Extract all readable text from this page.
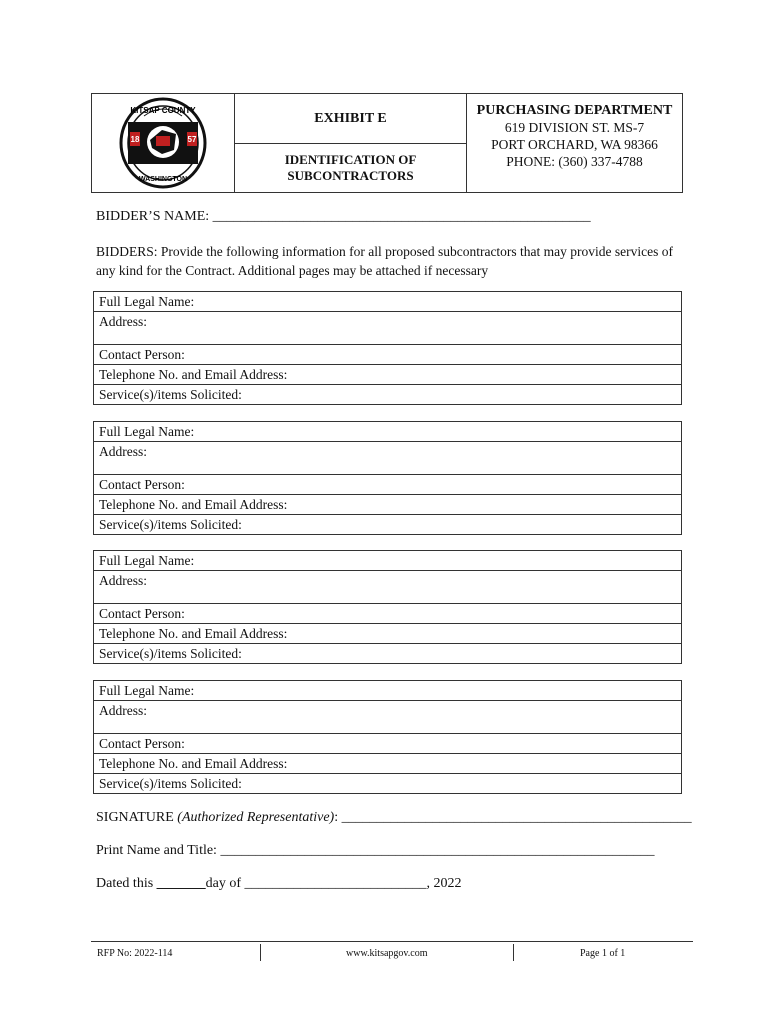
18	57
KITSAP COUNTY
WASHINGTON
EXHIBIT E
IDENTIFICATION OF
SUBCONTRACTORS
PURCHASING DEPARTMENT
619 DIVISION ST. MS-7
PORT ORCHARD, WA 98366
PHONE: (360) 337-4788
BIDDER’S NAME: ______________________________________________________
BIDDERS: Provide the following information for all proposed subcontractors that may provide services of any kind for the Contract. Additional pages may be attached if necessary
Full Legal Name:
Address:
Contact Person:
Telephone No. and Email Address:
Service(s)/items Solicited:
Full Legal Name:
Address:
Contact Person:
Telephone No. and Email Address:
Service(s)/items Solicited:
Full Legal Name:
Address:
Contact Person:
Telephone No. and Email Address:
Service(s)/items Solicited:
Full Legal Name:
Address:
Contact Person:
Telephone No. and Email Address:
Service(s)/items Solicited:
SIGNATURE (Authorized Representative): __________________________________________________
Print Name and Title: ______________________________________________________________
Dated this _______day of __________________________, 2022
RFP No: 2022-114	www.kitsapgov.com	Page 1 of 1
